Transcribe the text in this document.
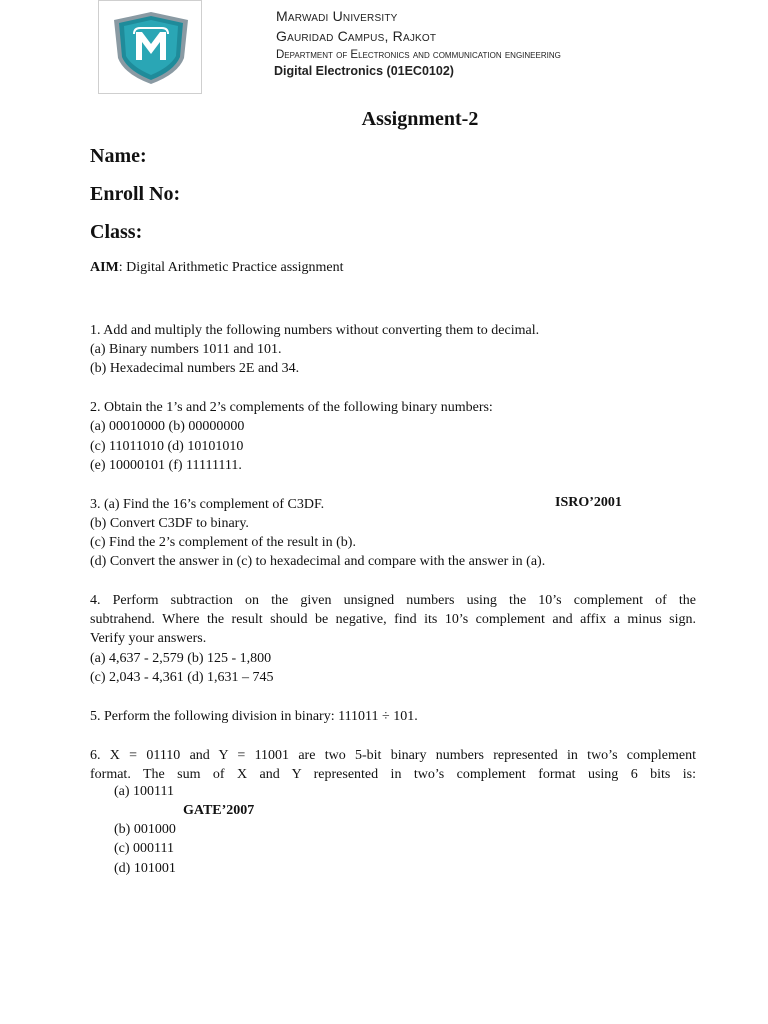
Marwadi University
Gauridad Campus, Rajkot
Department of Electronics and communication engineering
Digital Electronics (01EC0102)
Assignment-2
Name:
Enroll No:
Class:
AIM: Digital Arithmetic Practice assignment
1. Add and multiply the following numbers without converting them to decimal.
(a) Binary numbers 1011 and 101.
(b) Hexadecimal numbers 2E and 34.
2. Obtain the 1’s and 2’s complements of the following binary numbers:
(a) 00010000 (b) 00000000
(c) 11011010 (d) 10101010
(e) 10000101 (f) 11111111.
3. (a) Find the 16’s complement of C3DF.	ISRO’2001
(b) Convert C3DF to binary.
(c) Find the 2’s complement of the result in (b).
(d) Convert the answer in (c) to hexadecimal and compare with the answer in (a).
4. Perform subtraction on the given unsigned numbers using the 10’s complement of the
subtrahend. Where the result should be negative, find its 10’s complement and affix a minus sign.
Verify your answers.
(a) 4,637 - 2,579 (b) 125 - 1,800
(c) 2,043 - 4,361 (d) 1,631 – 745
5. Perform the following division in binary: 111011 ÷ 101.
6. X = 01110 and Y = 11001 are two 5-bit binary numbers represented in two’s complement
format. The sum of X and Y represented in two’s complement format using 6 bits is:
(a) 100111
GATE’2007
(b) 001000
(c) 000111
(d) 101001
